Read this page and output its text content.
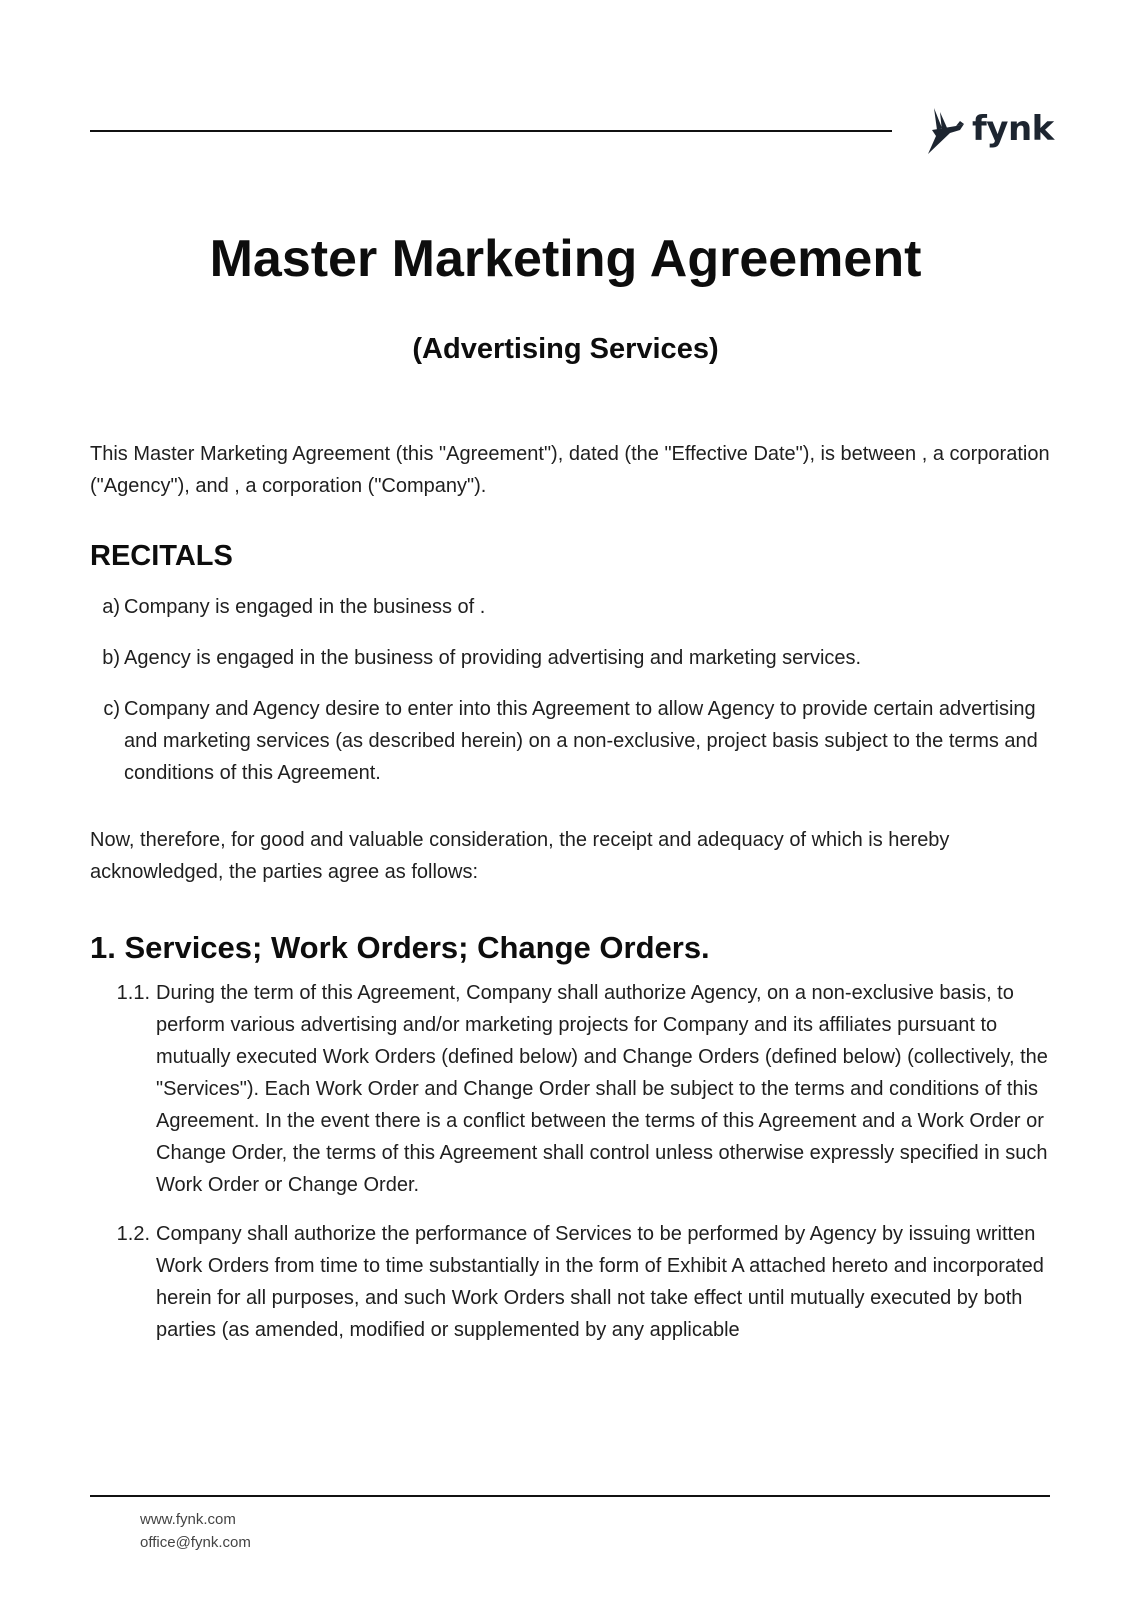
fynk
Master Marketing Agreement
(Advertising Services)

This Master Marketing Agreement (this "Agreement"), dated (the "Effective Date"), is between , a corporation ("Agency"), and , a corporation ("Company").

RECITALS
a) Company is engaged in the business of .
b) Agency is engaged in the business of providing advertising and marketing services.
c) Company and Agency desire to enter into this Agreement to allow Agency to provide certain advertising and marketing services (as described herein) on a non-exclusive, project basis subject to the terms and conditions of this Agreement.

Now, therefore, for good and valuable consideration, the receipt and adequacy of which is hereby acknowledged, the parties agree as follows:

1. Services; Work Orders; Change Orders.
1.1. During the term of this Agreement, Company shall authorize Agency, on a non-exclusive basis, to perform various advertising and/or marketing projects for Company and its affiliates pursuant to mutually executed Work Orders (defined below) and Change Orders (defined below) (collectively, the "Services"). Each Work Order and Change Order shall be subject to the terms and conditions of this Agreement. In the event there is a conflict between the terms of this Agreement and a Work Order or Change Order, the terms of this Agreement shall control unless otherwise expressly specified in such Work Order or Change Order.
1.2. Company shall authorize the performance of Services to be performed by Agency by issuing written Work Orders from time to time substantially in the form of Exhibit A attached hereto and incorporated herein for all purposes, and such Work Orders shall not take effect until mutually executed by both parties (as amended, modified or supplemented by any applicable
www.fynk.com
office@fynk.com
